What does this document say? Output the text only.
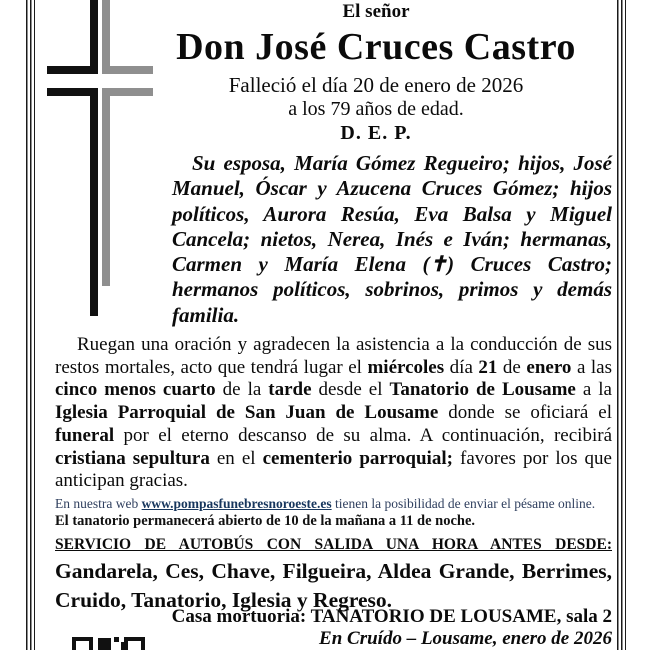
El señor
Don José Cruces Castro
Falleció el día 20 de enero de 2026
a los 79 años de edad.
D. E. P.
Su esposa, María Gómez Regueiro; hijos, José Manuel, Óscar y Azucena Cruces Gómez; hijos políticos, Aurora Resúa, Eva Balsa y Miguel Cancela; nietos, Nerea, Inés e Iván; hermanas, Carmen y María Elena (✝) Cruces Castro; hermanos políticos, sobrinos, primos y demás familia.
Ruegan una oración y agradecen la asistencia a la conducción de sus restos mortales, acto que tendrá lugar el miércoles día 21 de enero a las cinco menos cuarto de la tarde desde el Tanatorio de Lousame a la Iglesia Parroquial de San Juan de Lousame donde se oficiará el funeral por el eterno descanso de su alma. A continuación, recibirá cristiana sepultura en el cementerio parroquial; favores por los que anticipan gracias.
En nuestra web www.pompasfunebresnoroeste.es tienen la posibilidad de enviar el pésame online.
El tanatorio permanecerá abierto de 10 de la mañana a 11 de noche.
SERVICIO DE AUTOBÚS CON SALIDA UNA HORA ANTES DESDE: Gandarela, Ces, Chave, Filgueira, Aldea Grande, Berrimes, Cruido, Tanatorio, Iglesia y Regreso.
Casa mortuoria: TANATORIO DE LOUSAME, sala 2
En Cruído – Lousame, enero de 2026
